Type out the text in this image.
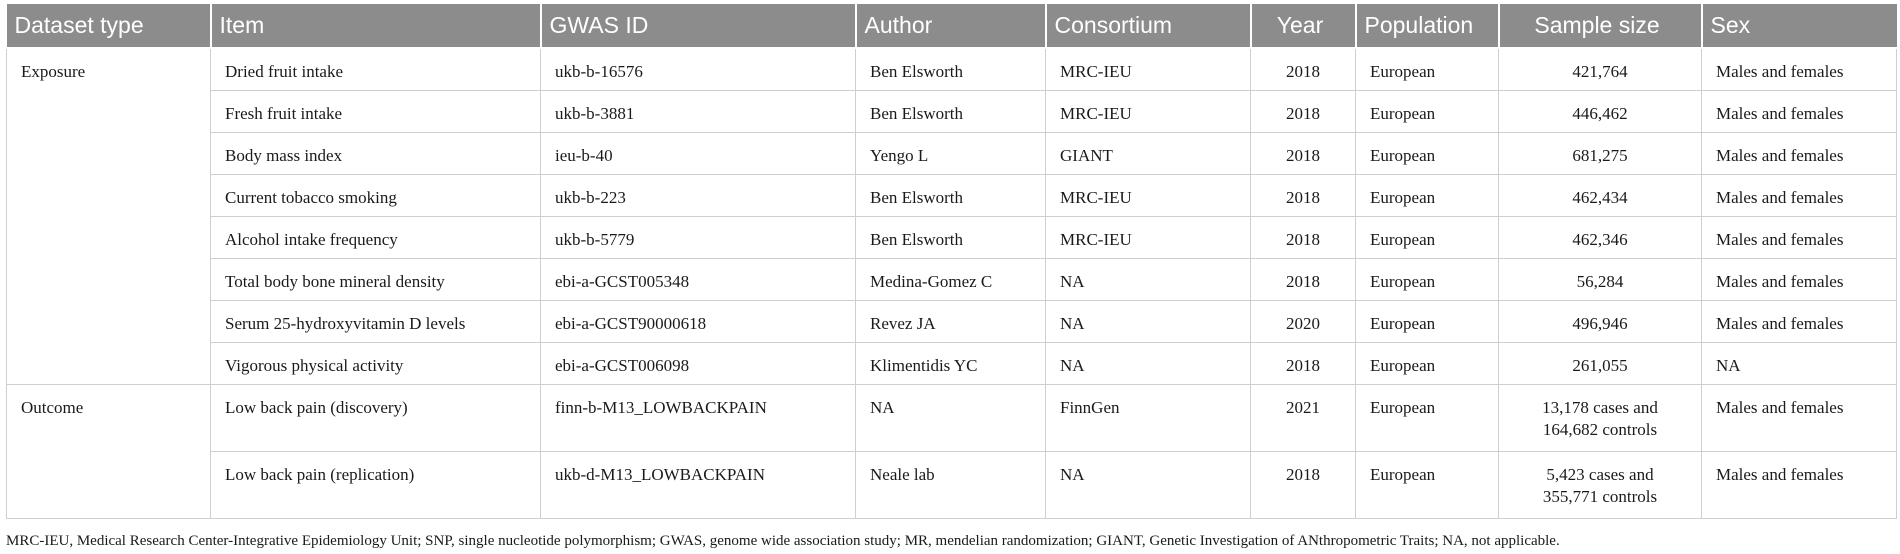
Dataset type	Item	GWAS ID	Author	Consortium	Year	Population	Sample size	Sex
Exposure	Dried fruit intake	ukb-b-16576	Ben Elsworth	MRC-IEU	2018	European	421,764	Males and females
	Fresh fruit intake	ukb-b-3881	Ben Elsworth	MRC-IEU	2018	European	446,462	Males and females
	Body mass index	ieu-b-40	Yengo L	GIANT	2018	European	681,275	Males and females
	Current tobacco smoking	ukb-b-223	Ben Elsworth	MRC-IEU	2018	European	462,434	Males and females
	Alcohol intake frequency	ukb-b-5779	Ben Elsworth	MRC-IEU	2018	European	462,346	Males and females
	Total body bone mineral density	ebi-a-GCST005348	Medina-Gomez C	NA	2018	European	56,284	Males and females
	Serum 25-hydroxyvitamin D levels	ebi-a-GCST90000618	Revez JA	NA	2020	European	496,946	Males and females
	Vigorous physical activity	ebi-a-GCST006098	Klimentidis YC	NA	2018	European	261,055	NA
Outcome	Low back pain (discovery)	finn-b-M13_LOWBACKPAIN	NA	FinnGen	2021	European	13,178 cases and
164,682 controls	Males and females
	Low back pain (replication)	ukb-d-M13_LOWBACKPAIN	Neale lab	NA	2018	European	5,423 cases and
355,771 controls	Males and females
MRC-IEU, Medical Research Center-Integrative Epidemiology Unit; SNP, single nucleotide polymorphism; GWAS, genome wide association study; MR, mendelian randomization; GIANT, Genetic Investigation of ANthropometric Traits; NA, not applicable.
